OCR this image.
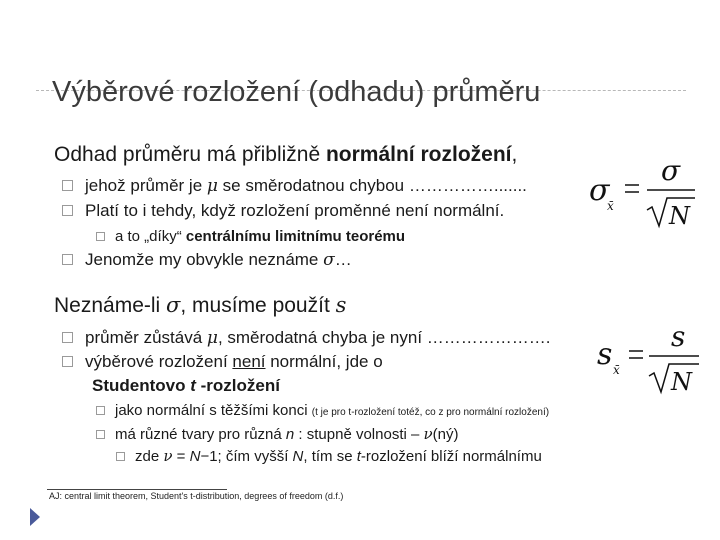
Výběrové rozložení (odhadu) průměru
Odhad průměru má přibližně normální rozložení,
jehož průměr je μ se směrodatnou chybou …………….......
Platí to i tehdy, když rozložení proměnné není normální.
a to „díky“ centrálnímu limitnímu teorému
Jenomže my obvykle neznáme σ…
σ
x̄
σ
N
Neznáme-li σ, musíme použít s
průměr zůstává μ, směrodatná chyba je nyní ………………….
výběrové rozložení není normální, jde o
Studentovo t -rozložení
jako normální s těžšími konci (t je pro t-rozložení totéž, co z pro normální rozložení)
má různé tvary pro různá n : stupně volnosti – ν(ný)
zde ν = N−1; čím vyšší N, tím se t-rozložení blíží normálnímu
s x̄
s
N
AJ: central limit theorem, Student's t-distribution, degrees of freedom (d.f.)
